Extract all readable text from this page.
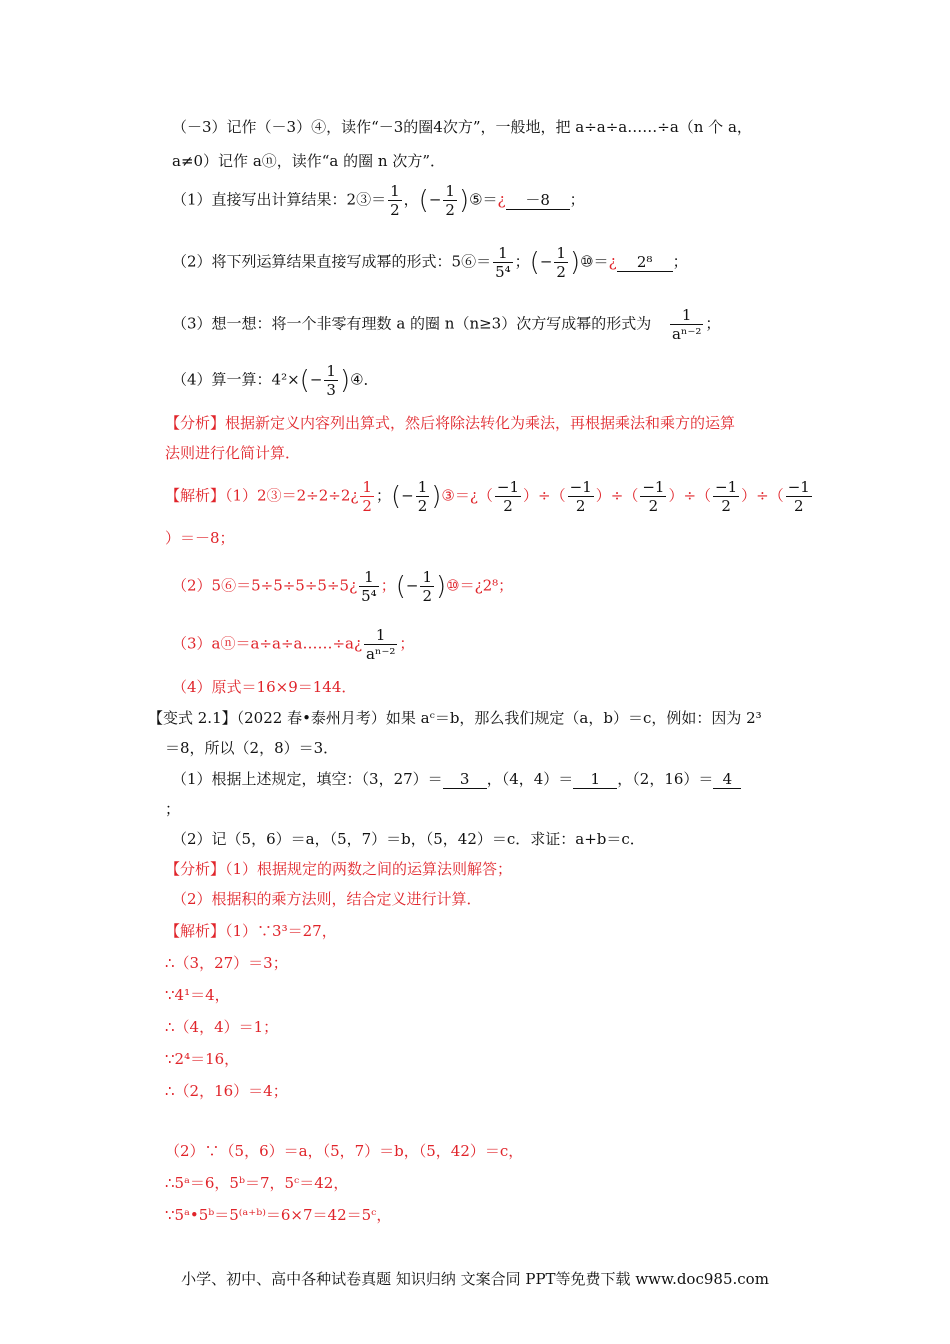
（－3）记作（－3）④，读作“－3的圈4次方”，一般地，把 a÷a÷a……÷a（n 个 a，
a≠0）记作 aⓝ，读作“a 的圈 n 次方”．
（1）直接写出计算结果：2③＝ $\frac{1}{2}$ ，(− $\frac{1}{2}$ )⑤＝¿ －8 ；
（2）将下列运算结果直接写成幂的形式：5⑥＝ $\frac{1}{\text{5⁴}}$ ；(− $\frac{1}{2}$ )⑩＝¿ 2⁸ ；
（3）想一想：将一个非零有理数 a 的圈 n（n≥3）次方写成幂的形式为 $\frac{1}{\text{aⁿ⁻²}}$ ；
（4）算一算：$4^2\times(- \frac{1}{3}$ )④．
【分析】根据新定义内容列出算式，然后将除法转化为乘法，再根据乘法和乘方的运算
法则进行化简计算．
【解析】（1）2③＝2÷2÷2¿ $\frac{1}{2}$ ；(− $\frac{1}{2}$ )③＝¿（ $\frac{-1}{2}$ ）÷（ $\frac{-1}{2}$ ）÷（ $\frac{-1}{2}$ ）÷（ $\frac{-1}{2}$ ）÷（ $\frac{-1}{2}$
）＝－8；
（2）5⑥＝5÷5÷5÷5÷5¿ $\frac{1}{\text{5⁴}}$ ；(− $\frac{1}{2}$ )⑩＝¿2⁸；
（3）aⓝ＝a÷a÷a……÷a¿ $\frac{1}{\text{aⁿ⁻²}}$ ；
（4）原式＝16×9＝144．
【变式 2.1】（2022 春•泰州月考）如果 aᶜ＝b，那么我们规定（a，b）＝c，例如：因为 2³
＝8，所以（2，8）＝3．
（1）根据上述规定，填空：（3，27）＝ 3 ，（4，4）＝ 1 ，（2，16）＝ 4
；
（2）记（5，6）＝a，（5，7）＝b，（5，42）＝c．求证：a+b＝c．
【分析】（1）根据规定的两数之间的运算法则解答；
（2）根据积的乘方法则，结合定义进行计算．
【解析】（1）∵3³＝27，
∴（3，27）＝3；
∵4¹＝4，
∴（4，4）＝1；
∵2⁴＝16，
∴（2，16）＝4；
（2）∵（5，6）＝a，（5，7）＝b，（5，42）＝c，
∴5ᵃ＝6，5ᵇ＝7，5ᶜ＝42，
∵5ᵃ•5ᵇ＝5⁽ᵃ⁺ᵇ⁾＝6×7＝42＝5ᶜ，
小学、初中、高中各种试卷真题 知识归纳 文案合同 PPT等免费下载 www.doc985.com
